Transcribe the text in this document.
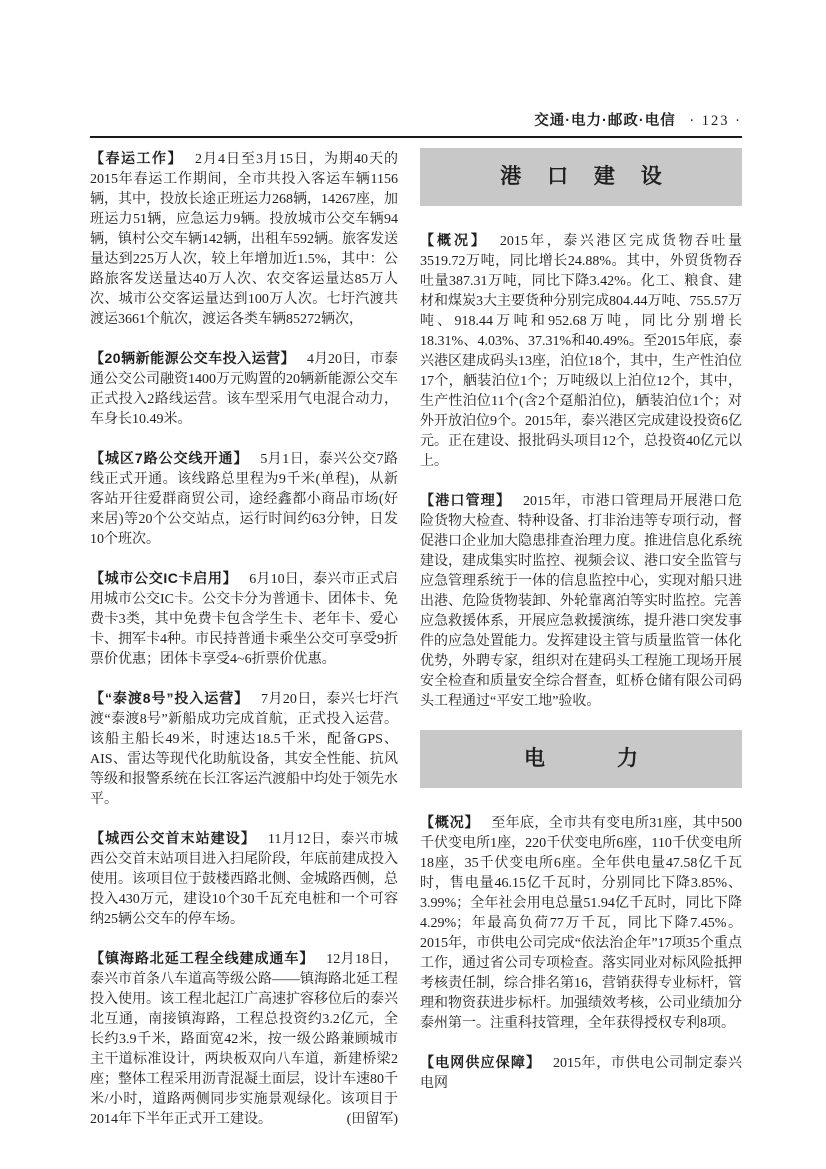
交通·电力·邮政·电信 · 123 ·

【春运工作】 2月4日至3月15日，为期40天的2015年春运工作期间，全市共投入客运车辆1156辆，其中，投放长途正班运力268辆，14267座，加班运力51辆，应急运力9辆。投放城市公交车辆94辆，镇村公交车辆142辆，出租车592辆。旅客发送量达到225万人次，较上年增加近1.5%，其中：公路旅客发送量达40万人次、农交客运量达85万人次、城市公交客运量达到100万人次。七圩汽渡共渡运3661个航次，渡运各类车辆85272辆次，

【20辆新能源公交车投入运营】 4月20日，市泰通公交公司融资1400万元购置的20辆新能源公交车正式投入2路线运营。该车型采用气电混合动力，车身长10.49米。

【城区7路公交线开通】 5月1日，泰兴公交7路线正式开通。该线路总里程为9千米(单程)，从新客站开往爱群商贸公司，途经鑫都小商品市场(好来居)等20个公交站点，运行时间约63分钟，日发10个班次。

【城市公交IC卡启用】 6月10日，泰兴市正式启用城市公交IC卡。公交卡分为普通卡、团体卡、免费卡3类，其中免费卡包含学生卡、老年卡、爱心卡、拥军卡4种。市民持普通卡乘坐公交可享受9折票价优惠；团体卡享受4~6折票价优惠。

【“泰渡8号”投入运营】 7月20日，泰兴七圩汽渡“泰渡8号”新船成功完成首航，正式投入运营。该船主船长49米，时速达18.5千米，配备GPS、AIS、雷达等现代化助航设备，其安全性能、抗风等级和报警系统在长江客运汽渡船中均处于领先水平。

【城西公交首末站建设】 11月12日，泰兴市城西公交首末站项目进入扫尾阶段，年底前建成投入使用。该项目位于鼓楼西路北侧、金城路西侧，总投入430万元，建设10个30千瓦充电桩和一个可容纳25辆公交车的停车场。

【镇海路北延工程全线建成通车】 12月18日，泰兴市首条八车道高等级公路——镇海路北延工程投入使用。该工程北起江广高速扩容移位后的泰兴北互通，南接镇海路，工程总投资约3.2亿元，全长约3.9千米，路面宽42米，按一级公路兼顾城市主干道标准设计，两块板双向八车道，新建桥梁2座；整体工程采用沥青混凝土面层，设计车速80千米/小时，道路两侧同步实施景观绿化。该项目于2014年下半年正式开工建设。	(田留军)

港 口 建 设

【概况】 2015年，泰兴港区完成货物吞吐量3519.72万吨，同比增长24.88%。其中，外贸货物吞吐量387.31万吨，同比下降3.42%。化工、粮食、建材和煤炭3大主要货种分别完成804.44万吨、755.57万吨、918.44万吨和952.68万吨，同比分别增长18.31%、4.03%、37.31%和40.49%。至2015年底，泰兴港区建成码头13座，泊位18个，其中，生产性泊位17个，舾装泊位1个；万吨级以上泊位12个，其中，生产性泊位11个(含2个趸船泊位)，舾装泊位1个；对外开放泊位9个。2015年，泰兴港区完成建设投资6亿元。正在建设、报批码头项目12个，总投资40亿元以上。

【港口管理】 2015年，市港口管理局开展港口危险货物大检查、特种设备、打非治违等专项行动，督促港口企业加大隐患排查治理力度。推进信息化系统建设，建成集实时监控、视频会议、港口安全监管与应急管理系统于一体的信息监控中心，实现对船只进出港、危险货物装卸、外轮靠离泊等实时监控。完善应急救援体系，开展应急救援演练，提升港口突发事件的应急处置能力。发挥建设主管与质量监管一体化优势，外聘专家，组织对在建码头工程施工现场开展安全检查和质量安全综合督查，虹桥仓储有限公司码头工程通过“平安工地”验收。

电　　力

【概况】 至年底，全市共有变电所31座，其中500千伏变电所1座，220千伏变电所6座，110千伏变电所18座，35千伏变电所6座。全年供电量47.58亿千瓦时，售电量46.15亿千瓦时，分别同比下降3.85%、3.99%；全年社会用电总量51.94亿千瓦时，同比下降4.29%；年最高负荷77万千瓦，同比下降7.45%。2015年，市供电公司完成“依法治企年”17项35个重点工作，通过省公司专项检查。落实同业对标风险抵押考核责任制，综合排名第16，营销获得专业标杆，管理和物资获进步标杆。加强绩效考核，公司业绩加分泰州第一。注重科技管理，全年获得授权专利8项。

【电网供应保障】 2015年，市供电公司制定泰兴电网
